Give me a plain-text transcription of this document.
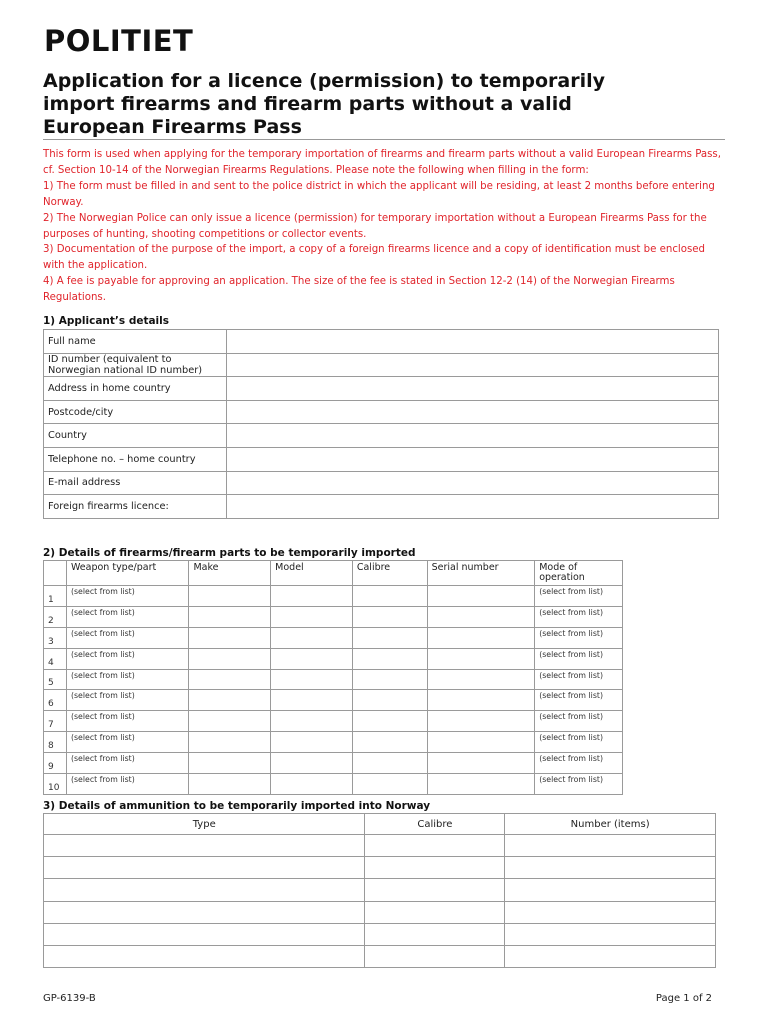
POLITIET
Application for a licence (permission) to temporarily
import firearms and firearm parts without a valid
European Firearms Pass

This form is used when applying for the temporary importation of firearms and firearm parts without a valid European Firearms Pass, cf. Section 10-14 of the Norwegian Firearms Regulations. Please note the following when filling in the form:

1) The form must be filled in and sent to the police district in which the applicant will be residing, at least 2 months before entering Norway.

2) The Norwegian Police can only issue a licence (permission) for temporary importation without a European Firearms Pass for the purposes of hunting, shooting competitions or collector events.

3) Documentation of the purpose of the import, a copy of a foreign firearms licence and a copy of identification must be enclosed with the application.

4) A fee is payable for approving an application. The size of the fee is stated in Section 12-2 (14) of the Norwegian Firearms Regulations.

1) Applicant’s details
Full name	
ID number (equivalent to Norwegian national ID number)	
Address in home country	
Postcode/city	
Country	
Telephone no. – home country	
E-mail address	
Foreign firearms licence:	
2) Details of firearms/firearm parts to be temporarily imported
	Weapon type/part	Make	Model	Calibre	Serial number	Mode of operation
1	(select from list)					(select from list)
2	(select from list)					(select from list)
3	(select from list)					(select from list)
4	(select from list)					(select from list)
5	(select from list)					(select from list)
6	(select from list)					(select from list)
7	(select from list)					(select from list)
8	(select from list)					(select from list)
9	(select from list)					(select from list)
10	(select from list)					(select from list)
3) Details of ammunition to be temporarily imported into Norway
Type	Calibre	Number (items)

GP-6139-B	Page 1 of 2
